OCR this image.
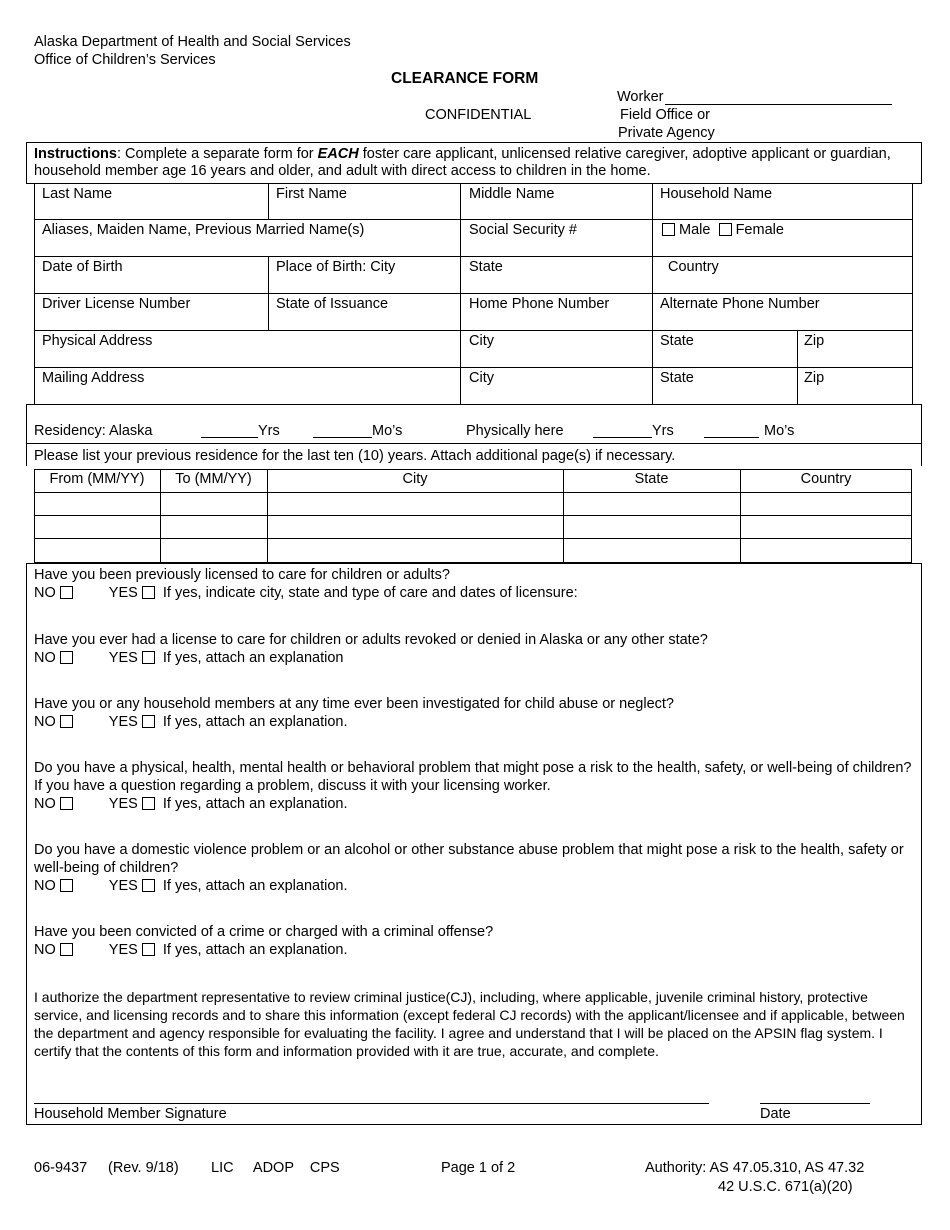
Alaska Department of Health and Social Services
Office of Children’s Services
CLEARANCE FORM
CONFIDENTIAL
Worker
Field Office or
Private Agency
Instructions: Complete a separate form for EACH foster care applicant, unlicensed relative caregiver, adoptive applicant or guardian, household member age 16 years and older, and adult with direct access to children in the home.
Last Name	First Name	Middle Name	Household Name
Aliases, Maiden Name, Previous Married Name(s)	Social Security #	Male Female
Date of Birth	Place of Birth: City	State	Country
Driver License Number	State of Issuance	Home Phone Number	Alternate Phone Number
Physical Address	City	State	Zip
Mailing Address	City	State	Zip
Residency: Alaska	Yrs	Mo’s	Physically here	Yrs	Mo’s
Please list your previous residence for the last ten (10) years. Attach additional page(s) if necessary.
From (MM/YY)	To (MM/YY)	City	State	Country
Have you been previously licensed to care for children or adults?
NO	YES If yes, indicate city, state and type of care and dates of licensure:
Have you ever had a license to care for children or adults revoked or denied in Alaska or any other state?
NO	YES If yes, attach an explanation
Have you or any household members at any time ever been investigated for child abuse or neglect?
NO	YES If yes, attach an explanation.
Do you have a physical, health, mental health or behavioral problem that might pose a risk to the health, safety, or well-being of children? If you have a question regarding a problem, discuss it with your licensing worker.
NO	YES If yes, attach an explanation.
Do you have a domestic violence problem or an alcohol or other substance abuse problem that might pose a risk to the health, safety or well-being of children?
NO	YES If yes, attach an explanation.
Have you been convicted of a crime or charged with a criminal offense?
NO	YES If yes, attach an explanation.
I authorize the department representative to review criminal justice(CJ), including, where applicable, juvenile criminal history, protective service, and licensing records and to share this information (except federal CJ records) with the applicant/licensee and if applicable, between the department and agency responsible for evaluating the facility. I agree and understand that I will be placed on the APSIN flag system. I certify that the contents of this form and information provided with it are true, accurate, and complete.
Household Member Signature	Date
06-9437 (Rev. 9/18) LIC     ADOP    CPS	Page 1 of 2	Authority: AS 47.05.310, AS 47.32
42 U.S.C. 671(a)(20)
